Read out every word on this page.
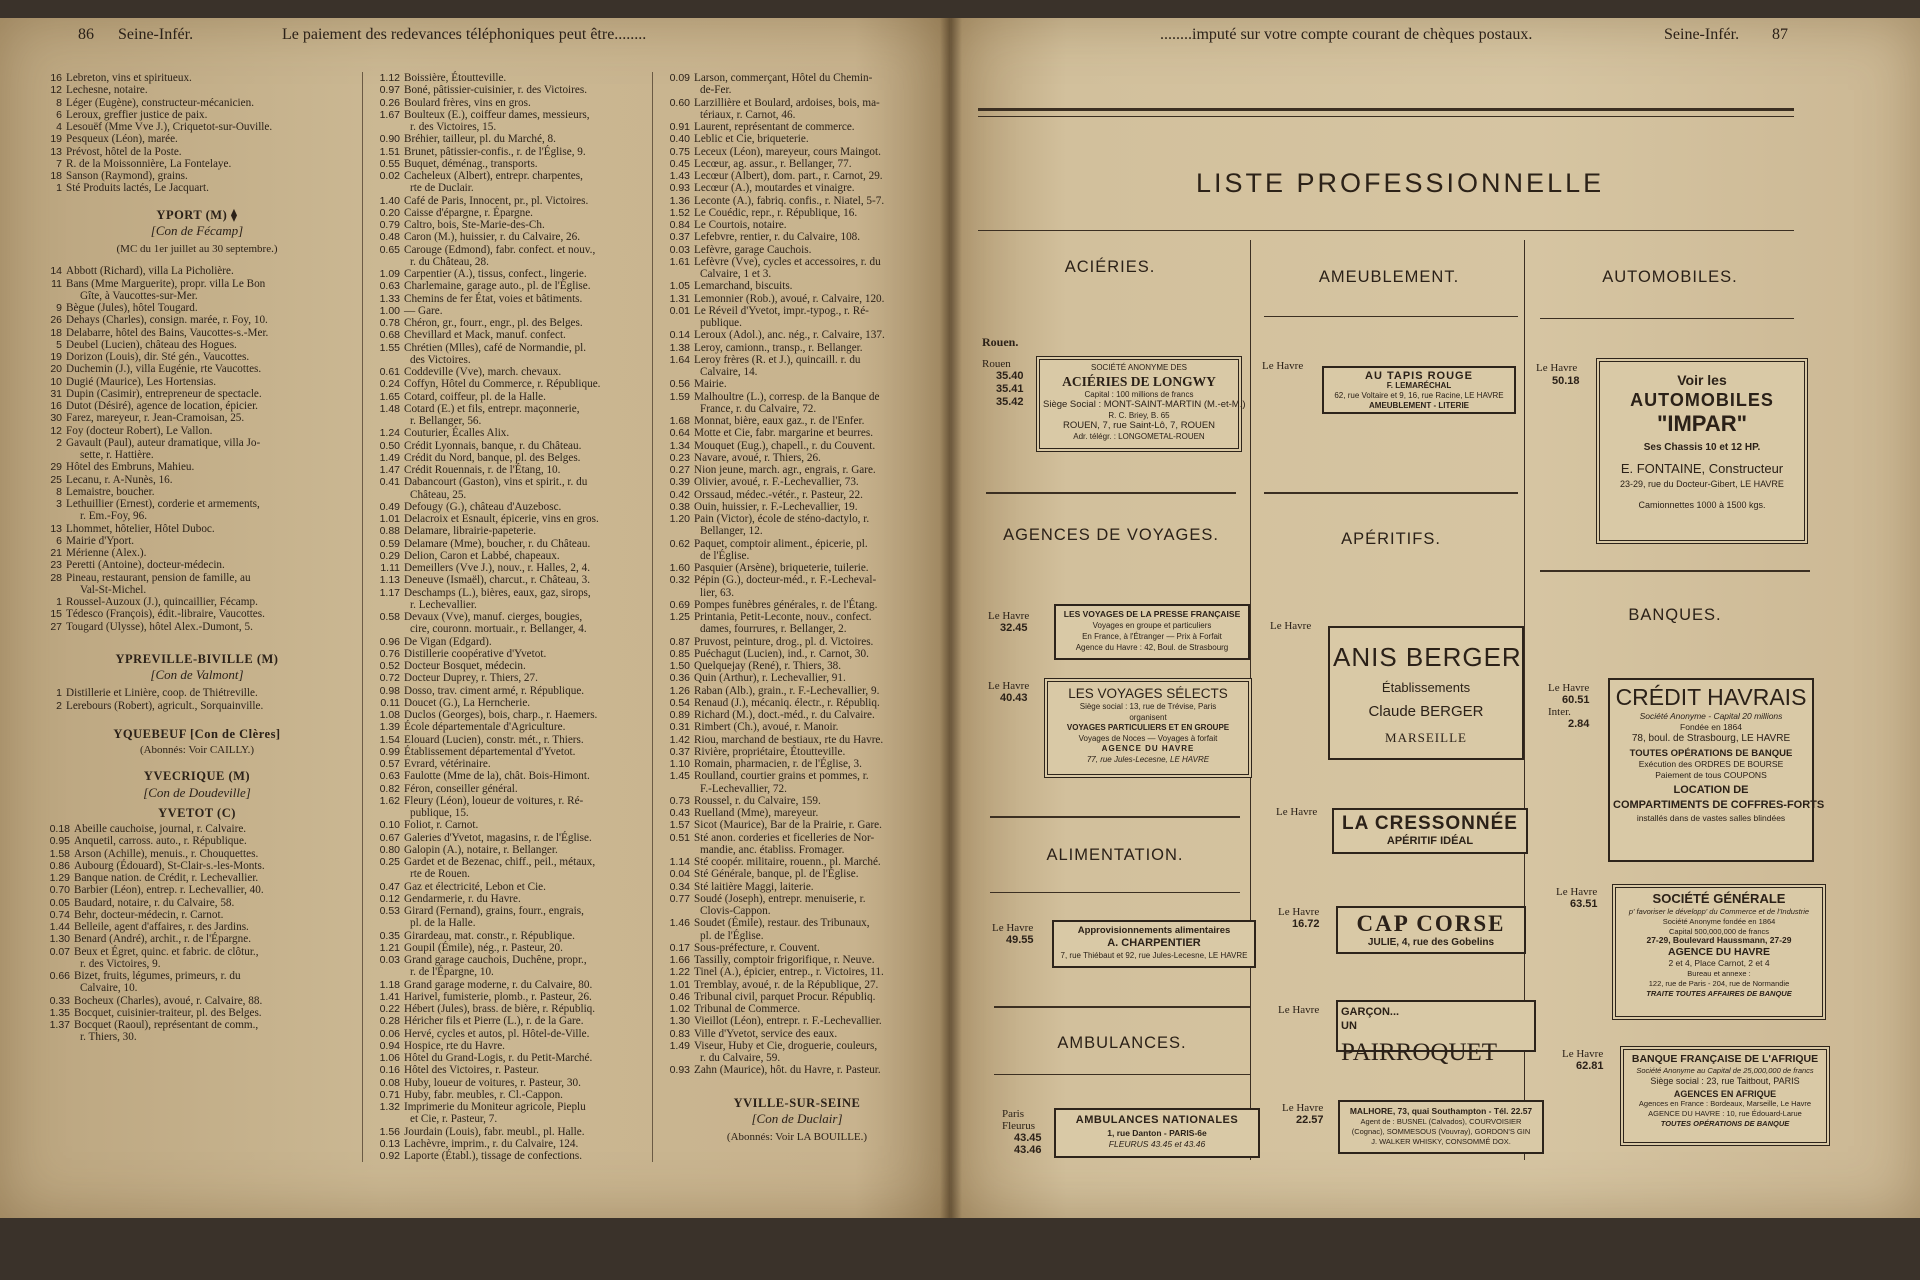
86 Seine-Infér.	Le paiement des redevances téléphoniques peut être........
16 Lebreton, vins et spiritueux.
12 Lechesne, notaire.
8 Léger (Eugène), constructeur-mécanicien.
6 Leroux, greffier justice de paix.
4 Lesouëf (Mme Vve J.), Criquetot-sur-Ouville.
19 Pesqueux (Léon), marée.
13 Prévost, hôtel de la Poste.
7 R. de la Moissonnière, La Fontelaye.
18 Sanson (Raymond), grains.
1 Sté Produits lactés, Le Jacquart.
YPORT (M) ⧫
[Con de Fécamp]
(MC du 1er juillet au 30 septembre.)
14 Abbott (Richard), villa La Picholière.
11 Bans (Mme Marguerite), propr. villa Le Bon
Gîte, à Vaucottes-sur-Mer.
9 Bègue (Jules), hôtel Tougard.
26 Dehays (Charles), consign. marée, r. Foy, 10.
18 Delabarre, hôtel des Bains, Vaucottes-s.-Mer.
5 Deubel (Lucien), château des Hogues.
19 Dorizon (Louis), dir. Sté gén., Vaucottes.
20 Duchemin (J.), villa Eugénie, rte Vaucottes.
10 Dugié (Maurice), Les Hortensias.
31 Dupin (Casimir), entrepreneur de spectacle.
16 Dutot (Désiré), agence de location, épicier.
30 Farez, mareyeur, r. Jean-Cramoisan, 25.
12 Foy (docteur Robert), Le Vallon.
2 Gavault (Paul), auteur dramatique, villa Jo-
sette, r. Hattière.
29 Hôtel des Embruns, Mahieu.
25 Lecanu, r. A-Nunès, 16.
8 Lemaistre, boucher.
3 Lethuillier (Ernest), corderie et armements,
r. Em.-Foy, 96.
13 Lhommet, hôtelier, Hôtel Duboc.
6 Mairie d'Yport.
21 Mérienne (Alex.).
23 Peretti (Antoine), docteur-médecin.
28 Pineau, restaurant, pension de famille, au
Val-St-Michel.
1 Roussel-Auzoux (J.), quincaillier, Fécamp.
15 Tédesco (François), édit.-libraire, Vaucottes.
27 Tougard (Ulysse), hôtel Alex.-Dumont, 5.
YPREVILLE-BIVILLE (M)
[Con de Valmont]
1 Distillerie et Linière, coop. de Thiétreville.
2 Lerebours (Robert), agricult., Sorquainville.
YQUEBEUF [Con de Clères]
(Abonnés: Voir CAILLY.)
YVECRIQUE (M)
[Con de Doudeville]
YVETOT (C)
0.18 Abeille cauchoise, journal, r. Calvaire.
0.95 Anquetil, carross. auto., r. République.
1.58 Arson (Achille), menuis., r. Chouquettes.
0.86 Aubourg (Édouard), St-Clair-s.-les-Monts.
1.29 Banque nation. de Crédit, r. Lechevallier.
0.70 Barbier (Léon), entrep. r. Lechevallier, 40.
0.05 Baudard, notaire, r. du Calvaire, 58.
0.74 Behr, docteur-médecin, r. Carnot.
1.44 Belleile, agent d'affaires, r. des Jardins.
1.30 Benard (André), archit., r. de l'Épargne.
0.07 Beux et Égret, quinc. et fabric. de clôtur.,
r. des Victoires, 9.
0.66 Bizet, fruits, légumes, primeurs, r. du
Calvaire, 10.
0.33 Bocheux (Charles), avoué, r. Calvaire, 88.
1.35 Bocquet, cuisinier-traiteur, pl. des Belges.
1.37 Bocquet (Raoul), représentant de comm.,
r. Thiers, 30.
1.12 Boissière, Étoutteville.
0.97 Boné, pâtissier-cuisinier, r. des Victoires.
0.26 Boulard frères, vins en gros.
1.67 Boulteux (E.), coiffeur dames, messieurs,
r. des Victoires, 15.
0.90 Bréhier, tailleur, pl. du Marché, 8.
1.51 Brunet, pâtissier-confis., r. de l'Église, 9.
0.55 Buquet, déménag., transports.
0.02 Cacheleux (Albert), entrepr. charpentes,
rte de Duclair.
1.40 Café de Paris, Innocent, pr., pl. Victoires.
0.20 Caisse d'épargne, r. Épargne.
0.79 Caltro, bois, Ste-Marie-des-Ch.
0.48 Caron (M.), huissier, r. du Calvaire, 26.
0.65 Carouge (Edmond), fabr. confect. et nouv.,
r. du Château, 28.
1.09 Carpentier (A.), tissus, confect., lingerie.
0.63 Charlemaine, garage auto., pl. de l'Église.
1.33 Chemins de fer État, voies et bâtiments.
1.00 — Gare.
0.78 Chéron, gr., fourr., engr., pl. des Belges.
0.68 Chevillard et Mack, manuf. confect.
1.55 Chrétien (Mlles), café de Normandie, pl.
des Victoires.
0.61 Coddeville (Vve), march. chevaux.
0.24 Coffyn, Hôtel du Commerce, r. République.
1.65 Cotard, coiffeur, pl. de la Halle.
1.48 Cotard (E.) et fils, entrepr. maçonnerie,
r. Bellanger, 56.
1.24 Couturier, Écalles Alix.
0.50 Crédit Lyonnais, banque, r. du Château.
1.49 Crédit du Nord, banque, pl. des Belges.
1.47 Crédit Rouennais, r. de l'Étang, 10.
0.41 Dabancourt (Gaston), vins et spirit., r. du
Château, 25.
0.49 Defougy (G.), château d'Auzebosc.
1.01 Delacroix et Esnault, épicerie, vins en gros.
0.88 Delamare, librairie-papeterie.
0.59 Delamare (Mme), boucher, r. du Château.
0.29 Delion, Caron et Labbé, chapeaux.
1.11 Demeillers (Vve J.), nouv., r. Halles, 2, 4.
1.13 Deneuve (Ismaël), charcut., r. Château, 3.
1.17 Deschamps (L.), bières, eaux, gaz, sirops,
r. Lechevallier.
0.58 Devaux (Vve), manuf. cierges, bougies,
cire, couronn. mortuair., r. Bellanger, 4.
0.96 De Vigan (Edgard).
0.76 Distillerie coopérative d'Yvetot.
0.52 Docteur Bosquet, médecin.
0.72 Docteur Duprey, r. Thiers, 27.
0.98 Dosso, trav. ciment armé, r. République.
0.11 Doucet (G.), La Herncherie.
1.08 Duclos (Georges), bois, charp., r. Haemers.
1.39 École départementale d'Agriculture.
1.54 Elouard (Lucien), constr. mét., r. Thiers.
0.99 Établissement départemental d'Yvetot.
0.57 Evrard, vétérinaire.
0.63 Faulotte (Mme de la), chât. Bois-Himont.
0.82 Féron, conseiller général.
1.62 Fleury (Léon), loueur de voitures, r. Ré-
publique, 15.
0.10 Foliot, r. Carnot.
0.67 Galeries d'Yvetot, magasins, r. de l'Église.
0.80 Galopin (A.), notaire, r. Bellanger.
0.25 Gardet et de Bezenac, chiff., peil., métaux,
rte de Rouen.
0.47 Gaz et électricité, Lebon et Cie.
0.12 Gendarmerie, r. du Havre.
0.53 Girard (Fernand), grains, fourr., engrais,
pl. de la Halle.
0.35 Girardeau, mat. constr., r. République.
1.21 Goupil (Émile), nég., r. Pasteur, 20.
0.03 Grand garage cauchois, Duchêne, propr.,
r. de l'Épargne, 10.
1.18 Grand garage moderne, r. du Calvaire, 80.
1.41 Harivel, fumisterie, plomb., r. Pasteur, 26.
0.22 Hébert (Jules), brass. de bière, r. Républiq.
0.28 Héricher fils et Pierre (L.), r. de la Gare.
0.06 Hervé, cycles et autos, pl. Hôtel-de-Ville.
0.94 Hospice, rte du Havre.
1.06 Hôtel du Grand-Logis, r. du Petit-Marché.
0.16 Hôtel des Victoires, r. Pasteur.
0.08 Huby, loueur de voitures, r. Pasteur, 30.
0.71 Huby, fabr. meubles, r. Cl.-Cappon.
1.32 Imprimerie du Moniteur agricole, Pieplu
et Cie, r. Pasteur, 7.
1.56 Jourdain (Louis), fabr. meubl., pl. Halle.
0.13 Lachèvre, imprim., r. du Calvaire, 124.
0.92 Laporte (Établ.), tissage de confections.
0.09 Larson, commerçant, Hôtel du Chemin-
de-Fer.
0.60 Larzillière et Boulard, ardoises, bois, ma-
tériaux, r. Carnot, 46.
0.91 Laurent, représentant de commerce.
0.40 Leblic et Cie, briqueterie.
0.75 Leceux (Léon), mareyeur, cours Maingot.
0.45 Lecœur, ag. assur., r. Bellanger, 77.
1.43 Lecœur (Albert), dom. part., r. Carnot, 29.
0.93 Lecœur (A.), moutardes et vinaigre.
1.36 Leconte (A.), fabriq. confis., r. Niatel, 5-7.
1.52 Le Couédic, repr., r. République, 16.
0.84 Le Courtois, notaire.
0.37 Lefebvre, rentier, r. du Calvaire, 108.
0.03 Lefèvre, garage Cauchois.
1.61 Lefèvre (Vve), cycles et accessoires, r. du
Calvaire, 1 et 3.
1.05 Lemarchand, biscuits.
1.31 Lemonnier (Rob.), avoué, r. Calvaire, 120.
0.01 Le Réveil d'Yvetot, impr.-typog., r. Ré-
publique.
0.14 Leroux (Adol.), anc. nég., r. Calvaire, 137.
1.38 Leroy, camionn., transp., r. Bellanger.
1.64 Leroy frères (R. et J.), quincaill. r. du
Calvaire, 14.
0.56 Mairie.
1.59 Malhoultre (L.), corresp. de la Banque de
France, r. du Calvaire, 72.
1.68 Monnat, bière, eaux gaz., r. de l'Enfer.
0.64 Motte et Cie, fabr. margarine et beurres.
1.34 Mouquet (Eug.), chapell., r. du Couvent.
0.23 Navare, avoué, r. Thiers, 26.
0.27 Nion jeune, march. agr., engrais, r. Gare.
0.39 Olivier, avoué, r. F.-Lechevallier, 73.
0.42 Orssaud, médec.-vétér., r. Pasteur, 22.
0.38 Ouin, huissier, r. F.-Lechevallier, 19.
1.20 Pain (Victor), école de sténo-dactylo, r.
Bellanger, 12.
0.62 Paquet, comptoir aliment., épicerie, pl.
de l'Église.
1.60 Pasquier (Arsène), briqueterie, tuilerie.
0.32 Pépin (G.), docteur-méd., r. F.-Lecheval-
lier, 63.
0.69 Pompes funèbres générales, r. de l'Étang.
1.25 Printania, Petit-Leconte, nouv., confect.
dames, fourrures, r. Bellanger, 2.
0.87 Pruvost, peinture, drog., pl. d. Victoires.
0.85 Puéchagut (Lucien), ind., r. Carnot, 30.
1.50 Quelquejay (René), r. Thiers, 38.
0.36 Quin (Arthur), r. Lechevallier, 91.
1.26 Raban (Alb.), grain., r. F.-Lechevallier, 9.
0.54 Renaud (J.), mécaniq. électr., r. Républiq.
0.89 Richard (M.), doct.-méd., r. du Calvaire.
0.31 Rimbert (Ch.), avoué, r. Manoir.
1.42 Riou, marchand de bestiaux, rte du Havre.
0.37 Rivière, propriétaire, Étoutteville.
1.10 Romain, pharmacien, r. de l'Église, 3.
1.45 Roulland, courtier grains et pommes, r.
F.-Lechevallier, 72.
0.73 Roussel, r. du Calvaire, 159.
0.43 Ruelland (Mme), mareyeur.
1.57 Sicot (Maurice), Bar de la Prairie, r. Gare.
0.51 Sté anon. corderies et ficelleries de Nor-
mandie, anc. établiss. Fromager.
1.14 Sté coopér. militaire, rouenn., pl. Marché.
0.04 Sté Générale, banque, pl. de l'Église.
0.34 Sté laitière Maggi, laiterie.
0.77 Soudé (Joseph), entrepr. menuiserie, r.
Clovis-Cappon.
1.46 Soudet (Émile), restaur. des Tribunaux,
pl. de l'Église.
0.17 Sous-préfecture, r. Couvent.
1.66 Tassilly, comptoir frigorifique, r. Neuve.
1.22 Tinel (A.), épicier, entrep., r. Victoires, 11.
1.01 Tremblay, avoué, r. de la République, 27.
0.46 Tribunal civil, parquet Procur. Républiq.
1.02 Tribunal de Commerce.
1.30 Vieillot (Léon), entrepr. r. F.-Lechevallier.
0.83 Ville d'Yvetot, service des eaux.
1.49 Viseur, Huby et Cie, droguerie, couleurs,
r. du Calvaire, 59.
0.93 Zahn (Maurice), hôt. du Havre, r. Pasteur.
YVILLE-SUR-SEINE
[Con de Duclair]
(Abonnés: Voir LA BOUILLE.)
........imputé sur votre compte courant de chèques postaux.	Seine-Infér. 87
LISTE PROFESSIONNELLE
ACIÉRIES.
AMEUBLEMENT.	AUTOMOBILES.
Rouen.
Rouen
35.40
35.41
35.42
SOCIÉTÉ ANONYME DES
ACIÉRIES DE LONGWY
Capital : 100 millions de francs
Siège Social : MONT-SAINT-MARTIN (M.-et-M.)
R. C. Briey, B. 65
ROUEN, 7, rue Saint-Lô, 7, ROUEN
Adr. télégr. : LONGOMETAL-ROUEN
Le Havre
AU TAPIS ROUGE
F. LEMARÉCHAL
62, rue Voltaire et 9, 16, rue Racine, LE HAVRE
AMEUBLEMENT - LITERIE
Le Havre
50.18	Voir les
AUTOMOBILES
"IMPAR"
Ses Chassis 10 et 12 HP.
E. FONTAINE, Constructeur
23-29, rue du Docteur-Gibert, LE HAVRE
Camionnettes 1000 à 1500 kgs.
AGENCES DE VOYAGES.	APÉRITIFS.
BANQUES.
Le Havre
32.45
LES VOYAGES DE LA PRESSE FRANÇAISE
Voyages en groupe et particuliers
En France, à l'Étranger — Prix à Forfait
Agence du Havre : 42, Boul. de Strasbourg
Le Havre
40.43	LES VOYAGES SÉLECTS
Siège social : 13, rue de Trévise, Paris
organisent
VOYAGES PARTICULIERS ET EN GROUPE
Voyages de Noces — Voyages à forfait
AGENCE DU HAVRE
77, rue Jules-Lecesne, LE HAVRE
Le Havre
ANIS BERGER
Établissements
Claude BERGER
MARSEILLE
Le Havre
60.51
Inter.
2.84
CRÉDIT HAVRAIS
Société Anonyme - Capital 20 millions
Fondée en 1864
78, boul. de Strasbourg, LE HAVRE
TOUTES OPÉRATIONS DE BANQUE
Exécution des ORDRES DE BOURSE
Paiement de tous COUPONS
LOCATION DE
COMPARTIMENTS DE COFFRES-FORTS
installés dans de vastes salles blindées
Le Havre
LA CRESSONNÉE
APÉRITIF IDÉAL
ALIMENTATION.
Le Havre
16.72	CAP CORSE
JULIE, 4, rue des Gobelins
Le Havre
49.55
Approvisionnements alimentaires
A. CHARPENTIER
7, rue Thiébaut et 92, rue Jules-Lecesne, LE HAVRE
Le Havre
63.51	SOCIÉTÉ GÉNÉRALE
p' favoriser le développ' du Commerce et de l'Industrie
Société Anonyme fondée en 1864
Capital 500,000,000 de francs
27-29, Boulevard Haussmann, 27-29
AGENCE DU HAVRE
2 et 4, Place Carnot, 2 et 4
Bureau et annexe :
122, rue de Paris - 204, rue de Normandie
TRAITE TOUTES AFFAIRES DE BANQUE
Le Havre	GARÇON... UN PAIRROQUET
AMBULANCES.
Le Havre
62.81
BANQUE FRANÇAISE DE L'AFRIQUE
Société Anonyme au Capital de 25,000,000 de francs
Siège social : 23, rue Taitbout, PARIS
AGENCES EN AFRIQUE
Agences en France : Bordeaux, Marseille, Le Havre
AGENCE DU HAVRE : 10, rue Édouard-Larue
TOUTES OPÉRATIONS DE BANQUE
Le Havre
22.57
MALHORE, 73, quai Southampton - Tél. 22.57
Agent de : BUSNEL (Calvados), COURVOISIER
(Cognac), SOMMESOUS (Vouvray), GORDON'S GIN
J. WALKER WHISKY, CONSOMMÉ DOX.
Paris
Fleurus
43.45
43.46
AMBULANCES NATIONALES
1, rue Danton - PARIS-6e
FLEURUS 43.45 et 43.46
